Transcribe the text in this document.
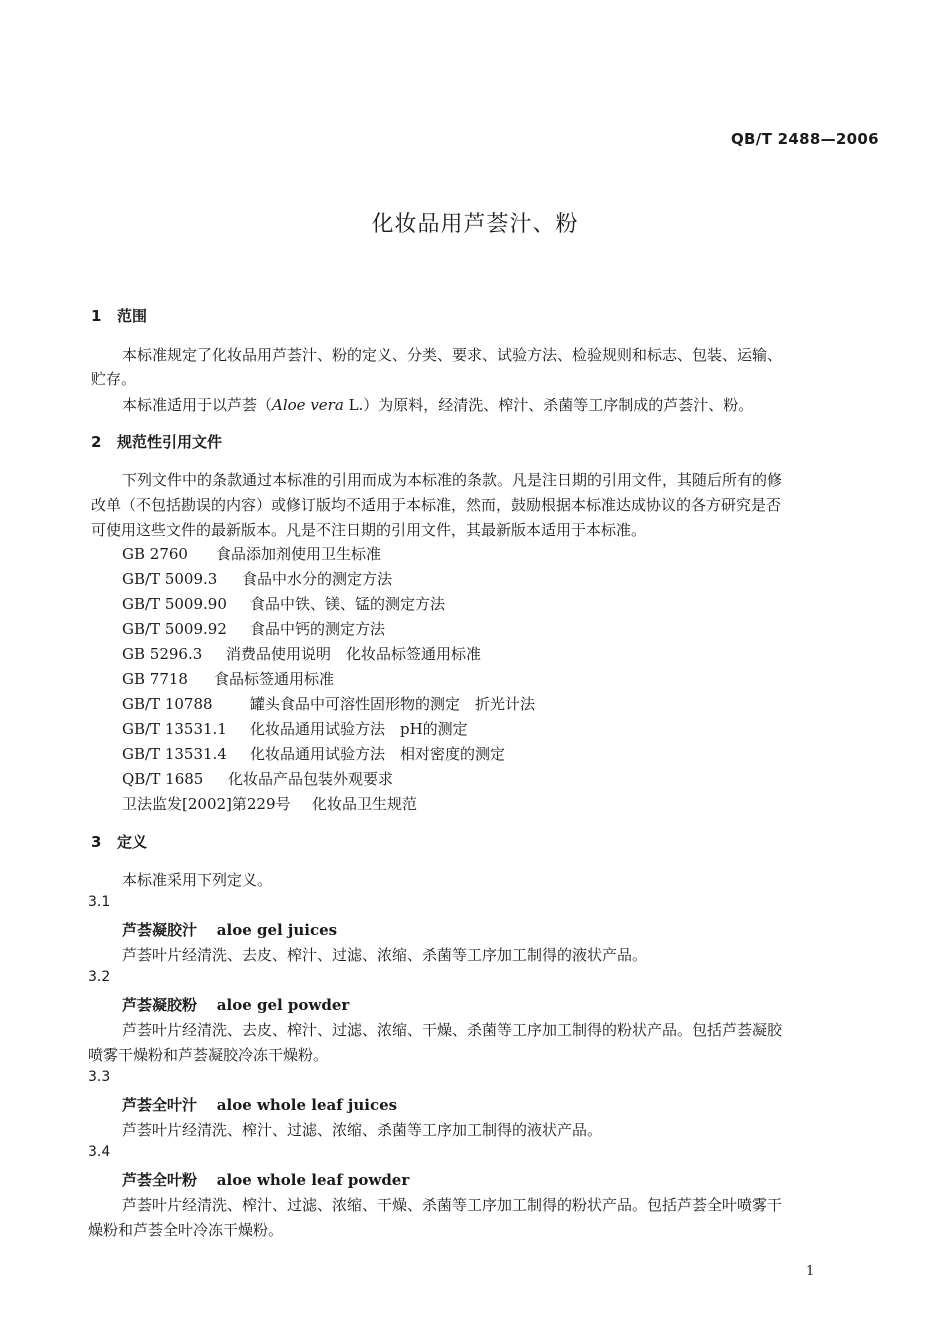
QB/T 2488—2006
化妆品用芦荟汁、粉
1 范围
本标准规定了化妆品用芦荟汁、粉的定义、分类、要求、试验方法、检验规则和标志、包装、运输、
贮存。
本标准适用于以芦荟（Aloe vera L.）为原料，经清洗、榨汁、杀菌等工序制成的芦荟汁、粉。
2 规范性引用文件
下列文件中的条款通过本标准的引用而成为本标准的条款。凡是注日期的引用文件，其随后所有的修
改单（不包括勘误的内容）或修订版均不适用于本标准，然而，鼓励根据本标准达成协议的各方研究是否
可使用这些文件的最新版本。凡是不注日期的引用文件，其最新版本适用于本标准。
GB 2760 食品添加剂使用卫生标准
GB/T 5009.3 食品中水分的测定方法
GB/T 5009.90 食品中铁、镁、锰的测定方法
GB/T 5009.92 食品中钙的测定方法
GB 5296.3 消费品使用说明　化妆品标签通用标准
GB 7718 食品标签通用标准
GB/T 10788 罐头食品中可溶性固形物的测定　折光计法
GB/T 13531.1 化妆品通用试验方法　pH的测定
GB/T 13531.4 化妆品通用试验方法　相对密度的测定
QB/T 1685 化妆品产品包装外观要求
卫法监发[2002]第229号 化妆品卫生规范
3 定义
本标准采用下列定义。
3.1
芦荟凝胶汁　 aloe gel juices
芦荟叶片经清洗、去皮、榨汁、过滤、浓缩、杀菌等工序加工制得的液状产品。
3.2
芦荟凝胶粉　 aloe gel powder
芦荟叶片经清洗、去皮、榨汁、过滤、浓缩、干燥、杀菌等工序加工制得的粉状产品。包括芦荟凝胶
喷雾干燥粉和芦荟凝胶冷冻干燥粉。
3.3
芦荟全叶汁　 aloe whole leaf juices
芦荟叶片经清洗、榨汁、过滤、浓缩、杀菌等工序加工制得的液状产品。
3.4
芦荟全叶粉　 aloe whole leaf powder
芦荟叶片经清洗、榨汁、过滤、浓缩、干燥、杀菌等工序加工制得的粉状产品。包括芦荟全叶喷雾干
燥粉和芦荟全叶冷冻干燥粉。
1
